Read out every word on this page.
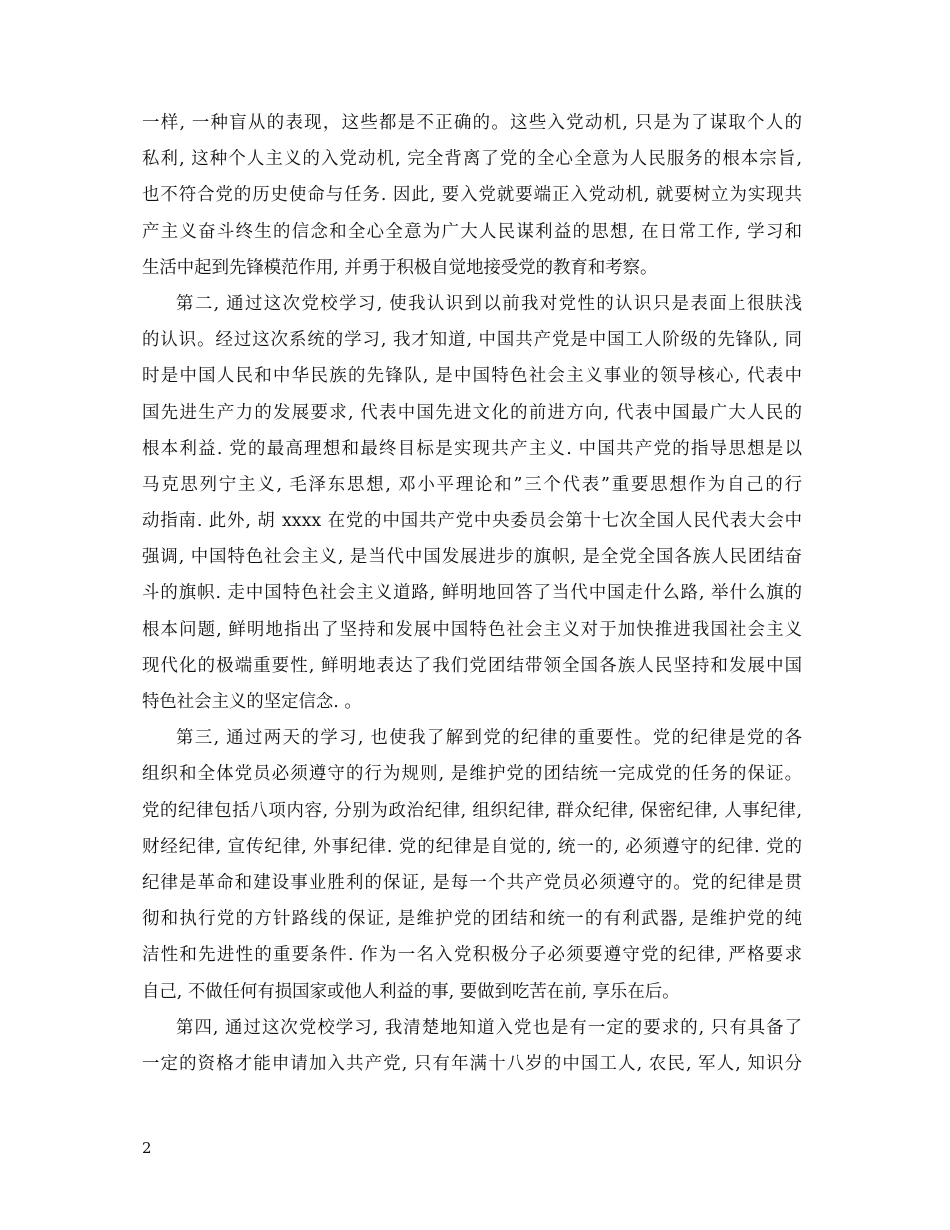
一样, 一种盲从的表现，这些都是不正确的。这些入党动机, 只是为了谋取个人的
私利, 这种个人主义的入党动机, 完全背离了党的全心全意为人民服务的根本宗旨,
也不符合党的历史使命与任务. 因此, 要入党就要端正入党动机, 就要树立为实现共
产主义奋斗终生的信念和全心全意为广大人民谋利益的思想, 在日常工作, 学习和
生活中起到先锋模范作用, 并勇于积极自觉地接受党的教育和考察。
第二, 通过这次党校学习, 使我认识到以前我对党性的认识只是表面上很肤浅
的认识。经过这次系统的学习, 我才知道, 中国共产党是中国工人阶级的先锋队, 同
时是中国人民和中华民族的先锋队, 是中国特色社会主义事业的领导核心, 代表中
国先进生产力的发展要求, 代表中国先进文化的前进方向, 代表中国最广大人民的
根本利益. 党的最高理想和最终目标是实现共产主义. 中国共产党的指导思想是以
马克思列宁主义, 毛泽东思想, 邓小平理论和”三个代表”重要思想作为自己的行
动指南. 此外, 胡 xxxx 在党的中国共产党中央委员会第十七次全国人民代表大会中
强调, 中国特色社会主义, 是当代中国发展进步的旗帜, 是全党全国各族人民团结奋
斗的旗帜. 走中国特色社会主义道路, 鲜明地回答了当代中国走什么路, 举什么旗的
根本问题, 鲜明地指出了坚持和发展中国特色社会主义对于加快推进我国社会主义
现代化的极端重要性, 鲜明地表达了我们党团结带领全国各族人民坚持和发展中国
特色社会主义的坚定信念. 。
第三, 通过两天的学习, 也使我了解到党的纪律的重要性。党的纪律是党的各
组织和全体党员必须遵守的行为规则, 是维护党的团结统一完成党的任务的保证。
党的纪律包括八项内容, 分别为政治纪律, 组织纪律, 群众纪律, 保密纪律, 人事纪律,
财经纪律, 宣传纪律, 外事纪律. 党的纪律是自觉的, 统一的, 必须遵守的纪律. 党的
纪律是革命和建设事业胜利的保证, 是每一个共产党员必须遵守的。党的纪律是贯
彻和执行党的方针路线的保证, 是维护党的团结和统一的有利武器, 是维护党的纯
洁性和先进性的重要条件. 作为一名入党积极分子必须要遵守党的纪律, 严格要求
自己, 不做任何有损国家或他人利益的事, 要做到吃苦在前, 享乐在后。
第四, 通过这次党校学习, 我清楚地知道入党也是有一定的要求的, 只有具备了
一定的资格才能申请加入共产党, 只有年满十八岁的中国工人, 农民, 军人, 知识分
2
